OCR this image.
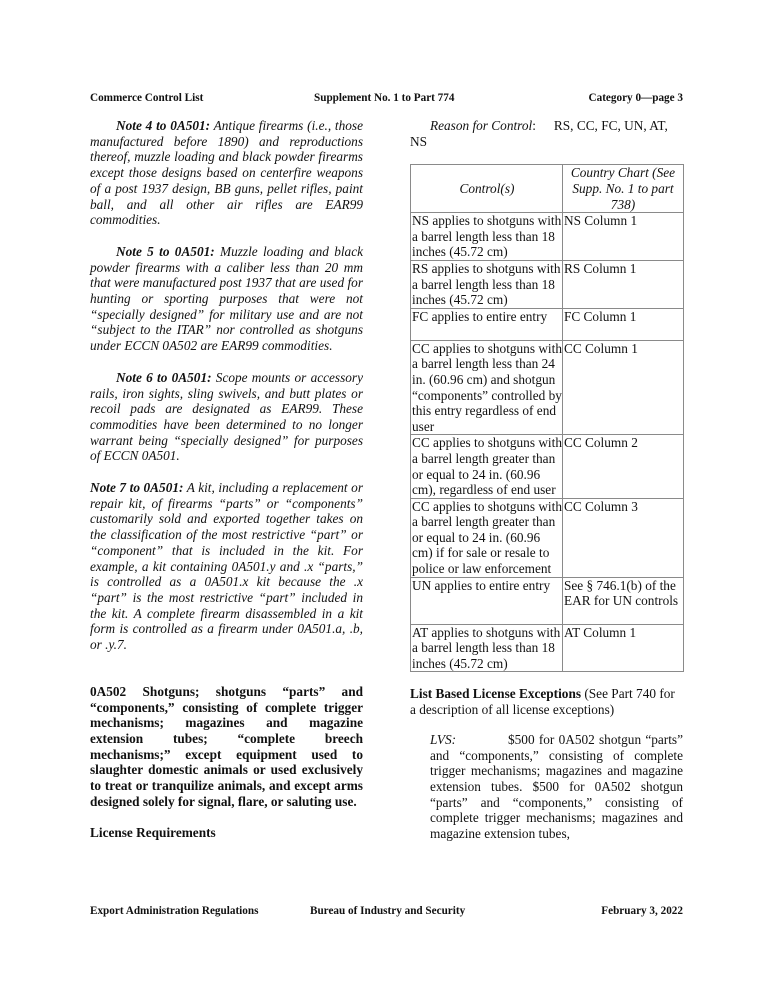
Commerce Control List	Supplement No. 1 to Part 774	Category 0—page 3

Note 4 to 0A501: Antique firearms (i.e., those manufactured before 1890) and reproductions thereof, muzzle loading and black powder firearms except those designs based on centerfire weapons of a post 1937 design, BB guns, pellet rifles, paint ball, and all other air rifles are EAR99 commodities.

Note 5 to 0A501: Muzzle loading and black powder firearms with a caliber less than 20 mm that were manufactured post 1937 that are used for hunting or sporting purposes that were not “specially designed” for military use and are not “subject to the ITAR” nor controlled as shotguns under ECCN 0A502 are EAR99 commodities.

Note 6 to 0A501: Scope mounts or accessory rails, iron sights, sling swivels, and butt plates or recoil pads are designated as EAR99. These commodities have been determined to no longer warrant being “specially designed” for purposes of ECCN 0A501.

Note 7 to 0A501: A kit, including a replacement or repair kit, of firearms “parts” or “components” customarily sold and exported together takes on the classification of the most restrictive “part” or “component” that is included in the kit. For example, a kit containing 0A501.y and .x “parts,” is controlled as a 0A501.x kit because the .x “part” is the most restrictive “part” included in the kit. A complete firearm disassembled in a kit form is controlled as a firearm under 0A501.a, .b, or .y.7.

0A502 Shotguns; shotguns “parts” and “components,” consisting of complete trigger mechanisms; magazines and magazine extension tubes; “complete breech mechanisms;” except equipment used to slaughter domestic animals or used exclusively to treat or tranquilize animals, and except arms designed solely for signal, flare, or saluting use.

License Requirements

Reason for Control: RS, CC, FC, UN, AT, NS

Control(s)	Country Chart (See Supp. No. 1 to part 738)
NS applies to shotguns with a barrel length less than 18 inches (45.72 cm)	NS Column 1
RS applies to shotguns with a barrel length less than 18 inches (45.72 cm)	RS Column 1
FC applies to entire entry	FC Column 1
CC applies to shotguns with a barrel length less than 24 in. (60.96 cm) and shotgun “components” controlled by this entry regardless of end user	CC Column 1
CC applies to shotguns with a barrel length greater than or equal to 24 in. (60.96 cm), regardless of end user	CC Column 2
CC applies to shotguns with a barrel length greater than or equal to 24 in. (60.96 cm) if for sale or resale to police or law enforcement	CC Column 3
UN applies to entire entry	See § 746.1(b) of the EAR for UN controls
AT applies to shotguns with a barrel length less than 18 inches (45.72 cm)	AT Column 1

List Based License Exceptions (See Part 740 for a description of all license exceptions)

LVS:	$500 for 0A502 shotgun “parts” and “components,” consisting of complete trigger mechanisms; magazines and magazine extension tubes. $500 for 0A502 shotgun “parts” and “components,” consisting of complete trigger mechanisms; magazines and magazine extension tubes,

Export Administration Regulations	Bureau of Industry and Security	February 3, 2022
